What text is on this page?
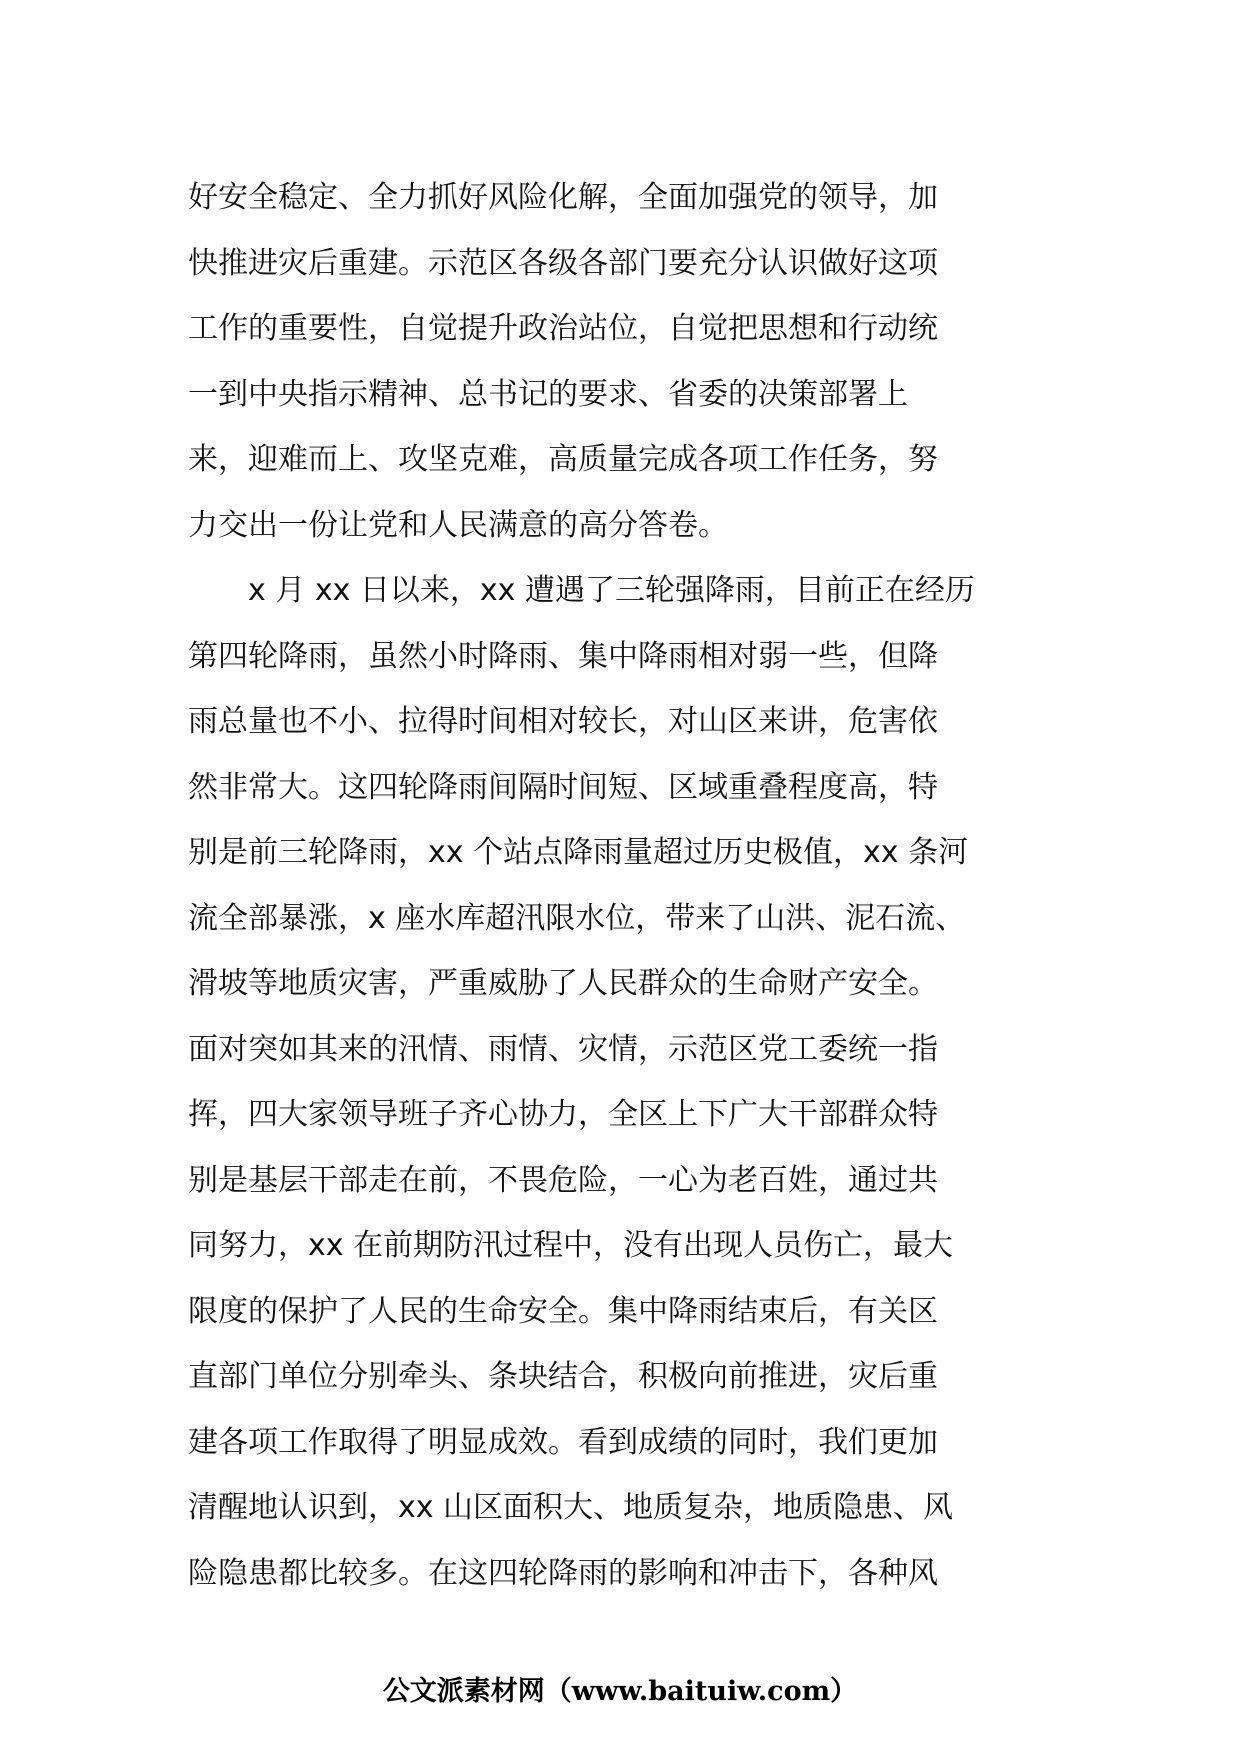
好安全稳定、全力抓好风险化解，全面加强党的领导，加
快推进灾后重建。示范区各级各部门要充分认识做好这项
工作的重要性，自觉提升政治站位，自觉把思想和行动统
一到中央指示精神、总书记的要求、省委的决策部署上
来，迎难而上、攻坚克难，高质量完成各项工作任务，努
力交出一份让党和人民满意的高分答卷。
x 月 xx 日以来，xx 遭遇了三轮强降雨，目前正在经历
第四轮降雨，虽然小时降雨、集中降雨相对弱一些，但降
雨总量也不小、拉得时间相对较长，对山区来讲，危害依
然非常大。这四轮降雨间隔时间短、区域重叠程度高，特
别是前三轮降雨，xx 个站点降雨量超过历史极值，xx 条河
流全部暴涨，x 座水库超汛限水位，带来了山洪、泥石流、
滑坡等地质灾害，严重威胁了人民群众的生命财产安全。
面对突如其来的汛情、雨情、灾情，示范区党工委统一指
挥，四大家领导班子齐心协力，全区上下广大干部群众特
别是基层干部走在前，不畏危险，一心为老百姓，通过共
同努力，xx 在前期防汛过程中，没有出现人员伤亡，最大
限度的保护了人民的生命安全。集中降雨结束后，有关区
直部门单位分别牵头、条块结合，积极向前推进，灾后重
建各项工作取得了明显成效。看到成绩的同时，我们更加
清醒地认识到，xx 山区面积大、地质复杂，地质隐患、风
险隐患都比较多。在这四轮降雨的影响和冲击下，各种风
公文派素材网（www.baituiw.com）
